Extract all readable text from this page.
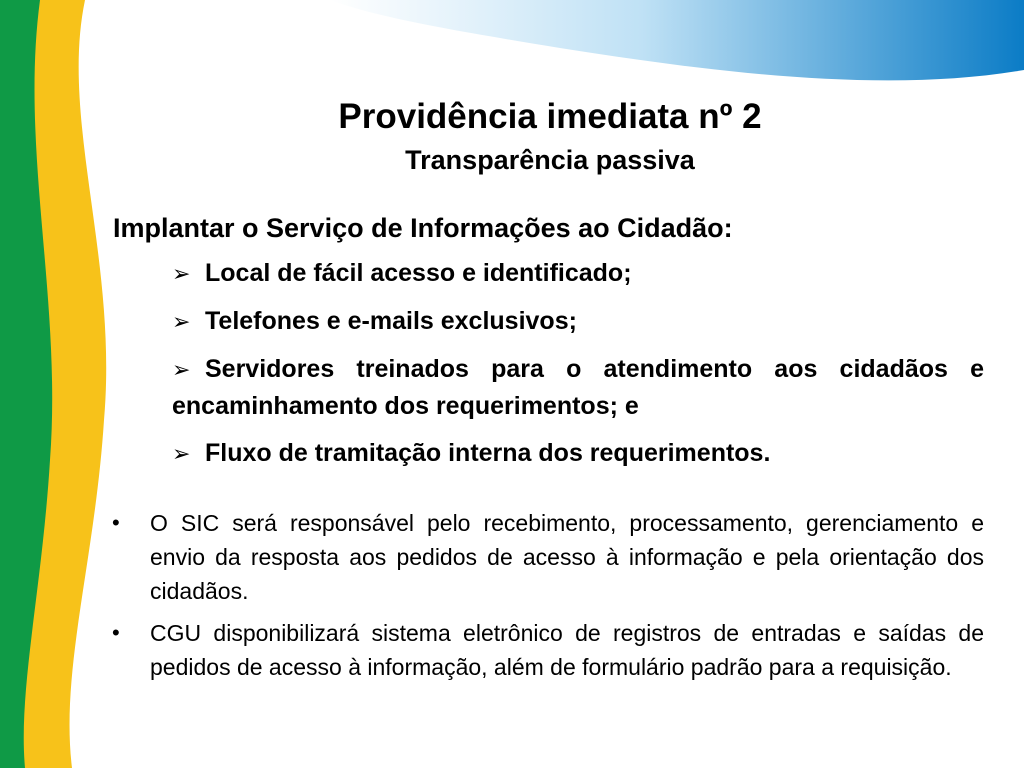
Providência imediata nº 2
Transparência passiva
Implantar o Serviço de Informações ao Cidadão:
➢ Local de fácil acesso e identificado;
➢ Telefones e e-mails exclusivos;
➢ Servidores treinados para o atendimento aos cidadãos e encaminhamento dos requerimentos; e
➢ Fluxo de tramitação interna dos requerimentos.
• O SIC será responsável pelo recebimento, processamento, gerenciamento e envio da resposta aos pedidos de acesso à informação e pela orientação dos cidadãos.
• CGU disponibilizará sistema eletrônico de registros de entradas e saídas de pedidos de acesso à informação, além de formulário padrão para a requisição.
